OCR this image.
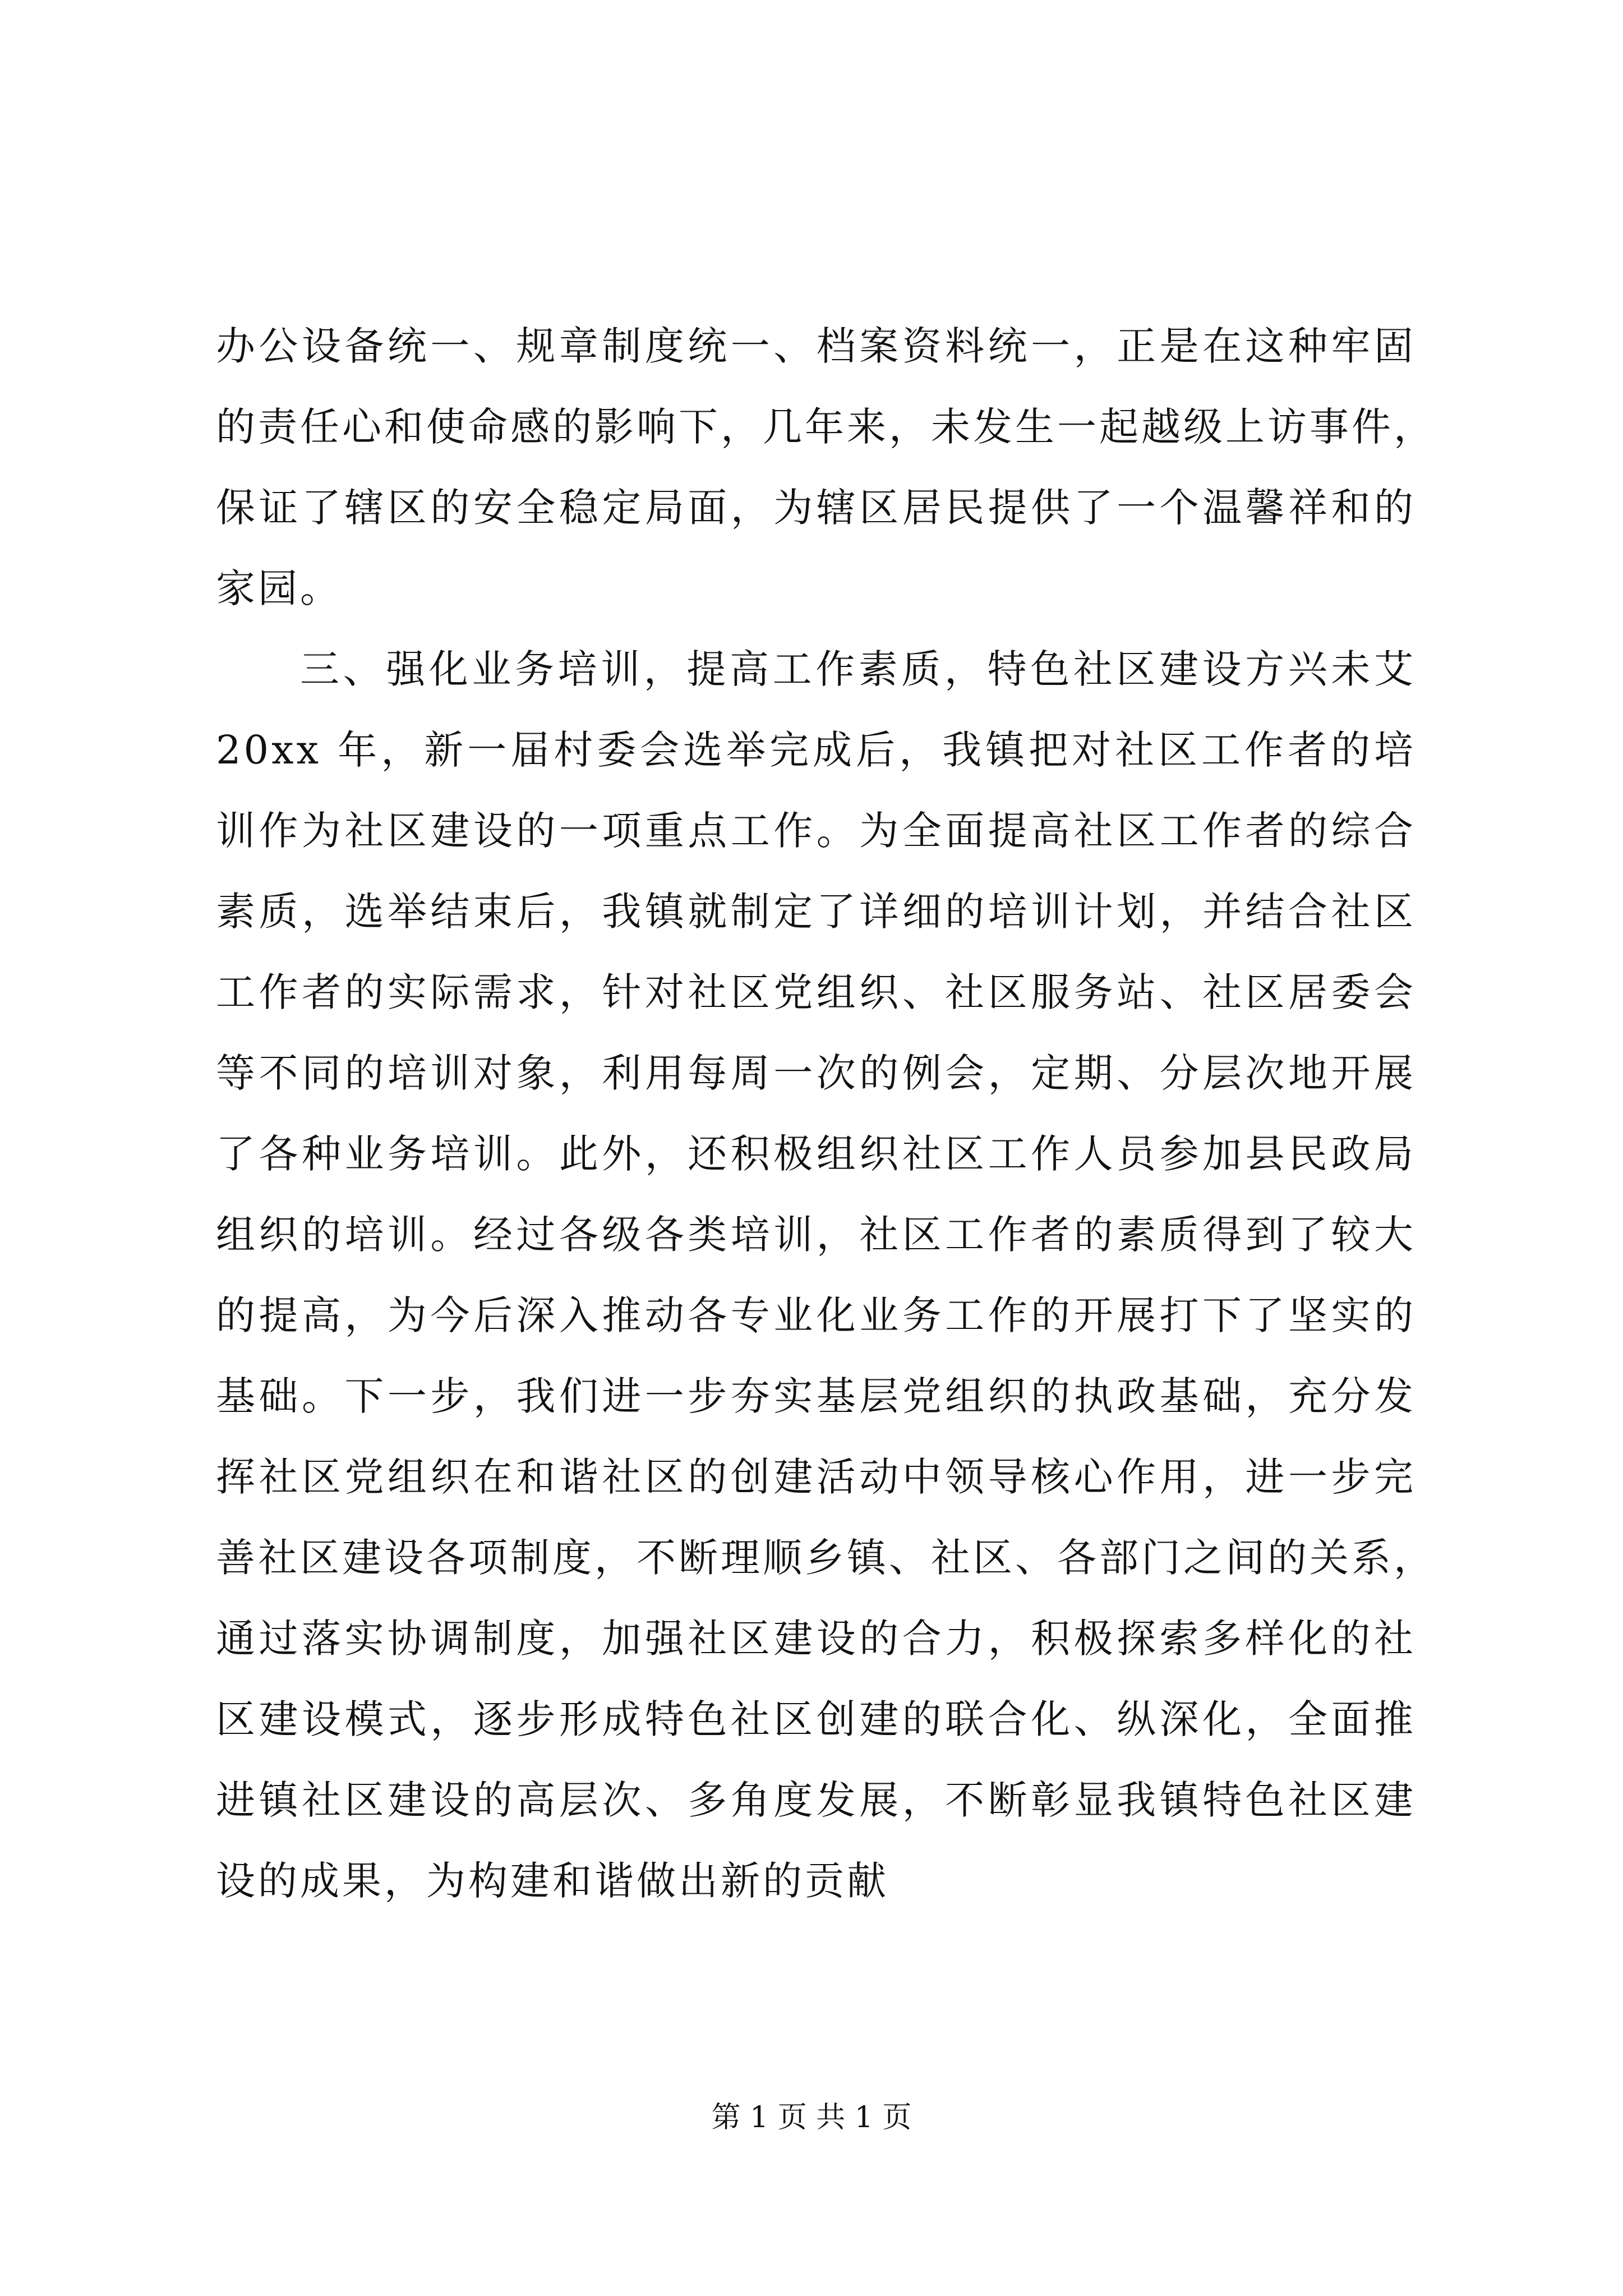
办公设备统一、规章制度统一、档案资料统一，正是在这种牢固
的责任心和使命感的影响下，几年来，未发生一起越级上访事件，
保证了辖区的安全稳定局面，为辖区居民提供了一个温馨祥和的
家园。
三、强化业务培训，提高工作素质，特色社区建设方兴未艾
20xx 年，新一届村委会选举完成后，我镇把对社区工作者的培
训作为社区建设的一项重点工作。为全面提高社区工作者的综合
素质，选举结束后，我镇就制定了详细的培训计划，并结合社区
工作者的实际需求，针对社区党组织、社区服务站、社区居委会
等不同的培训对象，利用每周一次的例会，定期、分层次地开展
了各种业务培训。此外，还积极组织社区工作人员参加县民政局
组织的培训。经过各级各类培训，社区工作者的素质得到了较大
的提高，为今后深入推动各专业化业务工作的开展打下了坚实的
基础。下一步，我们进一步夯实基层党组织的执政基础，充分发
挥社区党组织在和谐社区的创建活动中领导核心作用，进一步完
善社区建设各项制度，不断理顺乡镇、社区、各部门之间的关系，
通过落实协调制度，加强社区建设的合力，积极探索多样化的社
区建设模式，逐步形成特色社区创建的联合化、纵深化，全面推
进镇社区建设的高层次、多角度发展，不断彰显我镇特色社区建
设的成果，为构建和谐做出新的贡献
第 1 页 共 1 页
